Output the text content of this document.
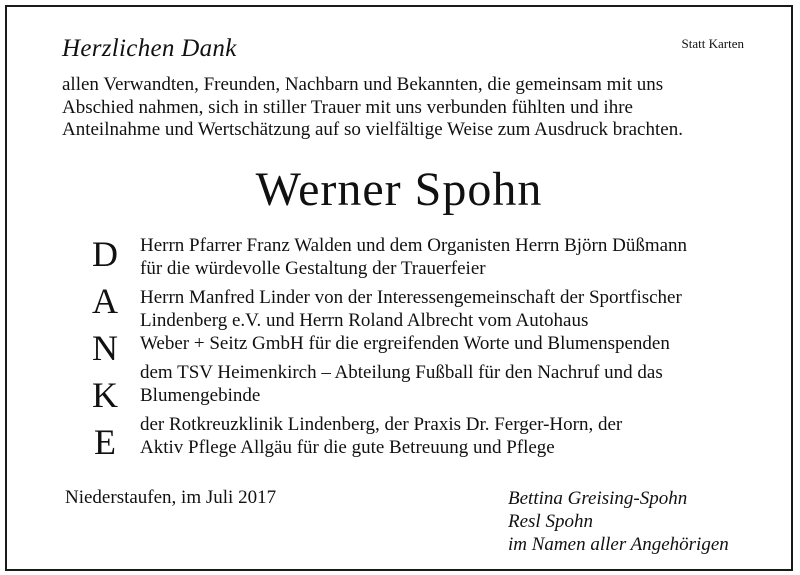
Herzlichen Dank	Statt Karten
allen Verwandten, Freunden, Nachbarn und Bekannten, die gemeinsam mit uns
Abschied nahmen, sich in stiller Trauer mit uns verbunden fühlten und ihre
Anteilnahme und Wertschätzung auf so vielfältige Weise zum Ausdruck brachten.
Werner Spohn
D
A
N
K
E
Herrn Pfarrer Franz Walden und dem Organisten Herrn Björn Düßmann
für die würdevolle Gestaltung der Trauerfeier
Herrn Manfred Linder von der Interessengemeinschaft der Sportfischer
Lindenberg e.V. und Herrn Roland Albrecht vom Autohaus
Weber + Seitz GmbH für die ergreifenden Worte und Blumenspenden
dem TSV Heimenkirch – Abteilung Fußball für den Nachruf und das
Blumengebinde
der Rotkreuzklinik Lindenberg, der Praxis Dr. Ferger-Horn, der
Aktiv Pflege Allgäu für die gute Betreuung und Pflege
Niederstaufen, im Juli 2017	Bettina Greising-Spohn
Resl Spohn
im Namen aller Angehörigen
